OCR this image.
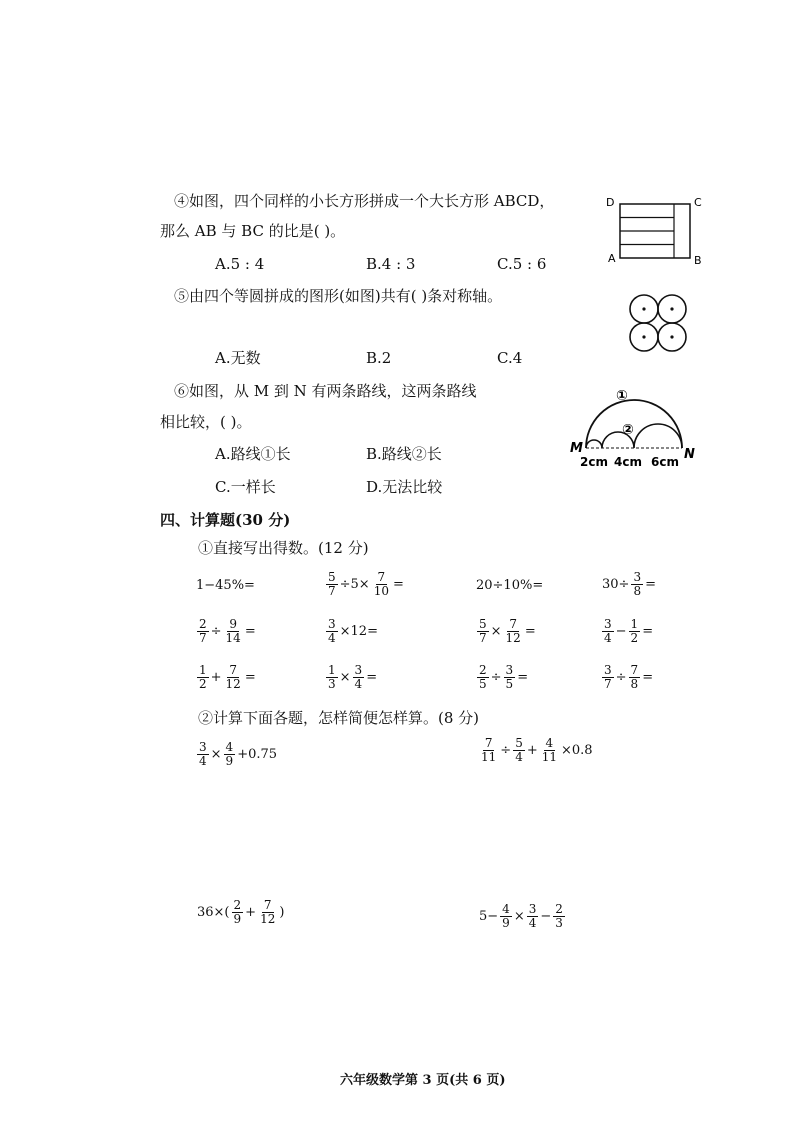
④如图，四个同样的小长方形拼成一个大长方形 ABCD，
那么 AB 与 BC 的比是( )。
A.5 : 4	B.4 : 3	C.5 : 6
D	C
A	B
⑤由四个等圆拼成的图形(如图)共有( )条对称轴。
A.无数	B.2	C.4
⑥如图，从 M 到 N 有两条路线，这两条路线
相比较，( )。
A.路线①长	B.路线②长
C.一样长	D.无法比较
①
②
M	N
2cm 4cm 6cm
四、计算题(30 分)
①直接写出得数。(12 分)
1−45%=	$\frac{5}{7} \div 5\times \frac{7}{10}$ =	20÷10%=	$30\div \frac{3}{8}$ =
$\frac{2}{7} \div \frac{9}{14}$ =	$\frac{3}{4} \times 12=$	$\frac{5}{7} \times \frac{7}{12}$ =	$\frac{3}{4} - \frac{1}{2}$ =
$\frac{1}{2} + \frac{7}{12}$ =	$\frac{1}{3} \times \frac{3}{4}$ =	$\frac{2}{5} \div \frac{3}{5}$ =	$\frac{3}{7} \div \frac{7}{8}$ =
②计算下面各题，怎样简便怎样算。(8 分)
$\frac{3}{4} \times \frac{4}{9} +0.75$	$\frac{7}{11} \div \frac{5}{4} + \frac{4}{11} \times 0.8$
$36\times( \frac{2}{9} + \frac{7}{12}$ )	$5- \frac{4}{9} \times \frac{3}{4} - \frac{2}{3}$
六年级数学第 3 页(共 6 页)
